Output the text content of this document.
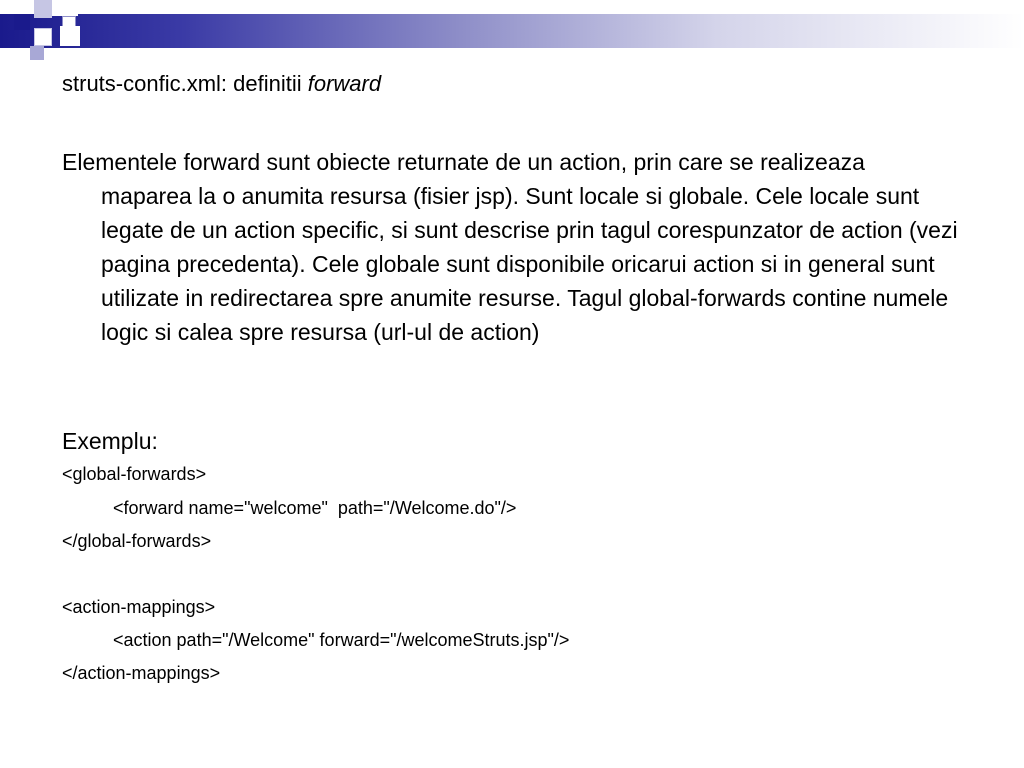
struts-confic.xml: definitii forward
Elementele forward sunt obiecte returnate de un action, prin care se realizeaza maparea la o anumita resursa (fisier jsp). Sunt locale si globale. Cele locale sunt legate de un action specific, si sunt descrise prin tagul corespunzator de action (vezi pagina precedenta). Cele globale sunt disponibile oricarui action si in general sunt utilizate in redirectarea spre anumite resurse. Tagul global-forwards contine numele logic si calea spre resursa (url-ul de action)
Exemplu:
<global-forwards>
<forward name="welcome"  path="/Welcome.do"/>
</global-forwards>
<action-mappings>
<action path="/Welcome" forward="/welcomeStruts.jsp"/>
</action-mappings>
